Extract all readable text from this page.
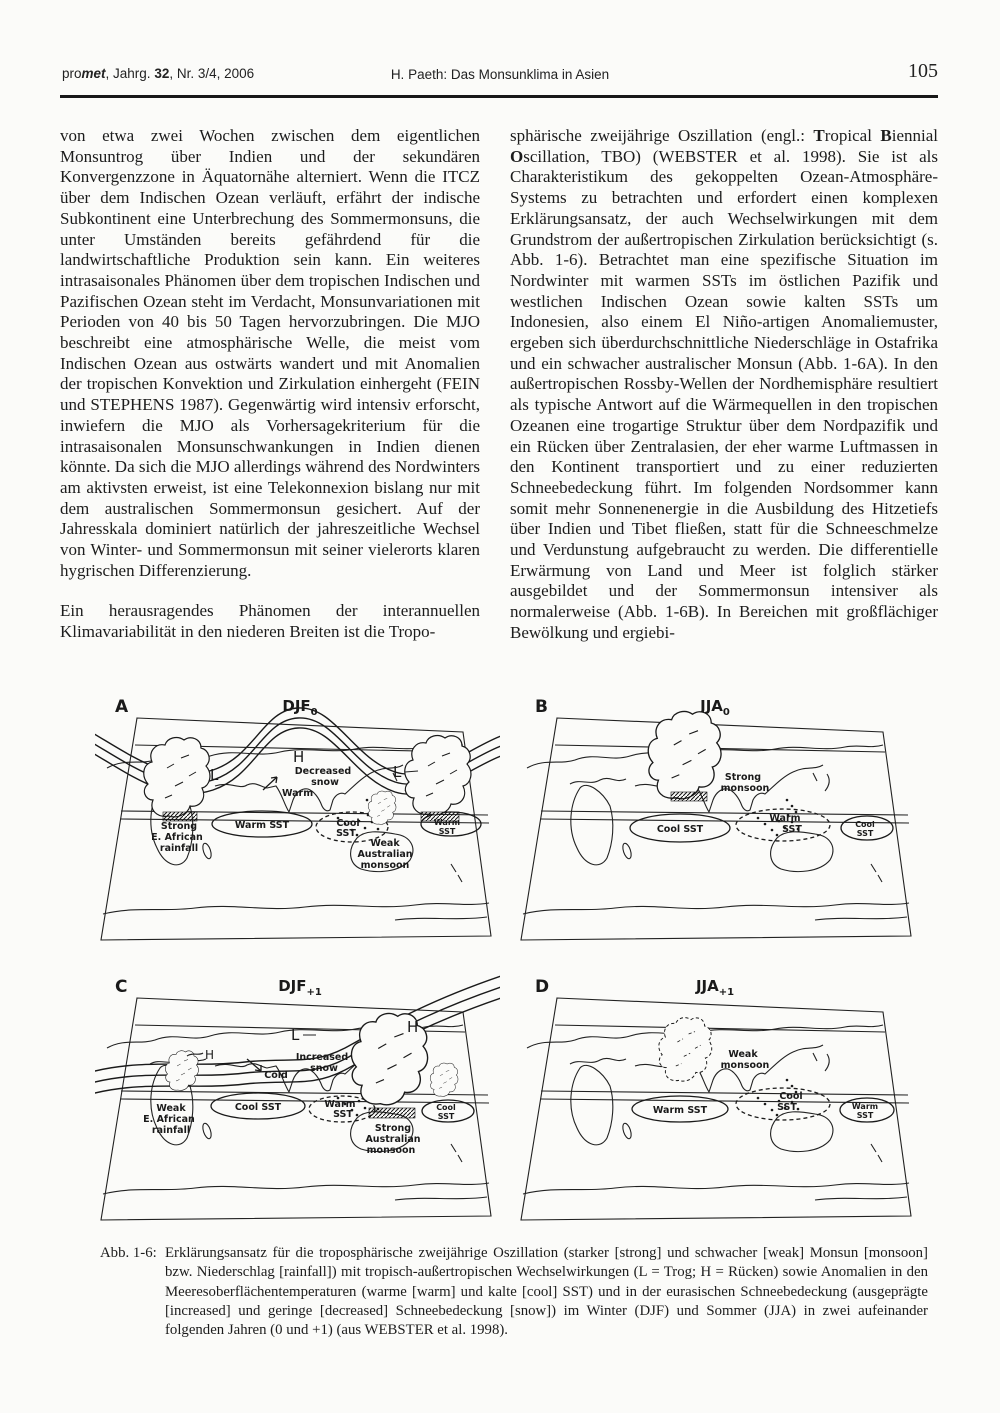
promet, Jahrg. 32, Nr. 3/4, 2006	H. Paeth: Das Monsunklima in Asien	105

von etwa zwei Wochen zwischen dem eigentlichen Monsuntrog über Indien und der sekundären Konvergenzzone in Äquatornähe alterniert. Wenn die ITCZ über dem Indischen Ozean verläuft, erfährt der indische Subkontinent eine Unterbrechung des Sommermonsuns, die unter Umständen bereits gefährdend für die landwirtschaftliche Produktion sein kann. Ein weiteres intrasaisonales Phänomen über dem tropischen Indischen und Pazifischen Ozean steht im Verdacht, Monsunvariationen mit Perioden von 40 bis 50 Tagen hervorzubringen. Die MJO beschreibt eine atmosphärische Welle, die meist vom Indischen Ozean aus ostwärts wandert und mit Anomalien der tropischen Konvektion und Zirkulation einhergeht (FEIN und STEPHENS 1987). Gegenwärtig wird intensiv erforscht, inwiefern die MJO als Vorhersagekriterium für die intrasaisonalen Monsunschwankungen in Indien dienen könnte. Da sich die MJO allerdings während des Nordwinters am aktivsten erweist, ist eine Telekonnexion bislang nur mit dem australischen Sommermonsun gesichert. Auf der Jahresskala dominiert natürlich der jahreszeitliche Wechsel von Winter- und Sommermonsun mit seiner vielerorts klaren hygrischen Differenzierung.

Ein herausragendes Phänomen der interannuellen Klimavariabilität in den niederen Breiten ist die Tropo-

sphärische zweijährige Oszillation (engl.: Tropical Biennial Oscillation, TBO) (WEBSTER et al. 1998). Sie ist als Charakteristikum des gekoppelten Ozean-Atmosphäre-Systems zu betrachten und erfordert einen komplexen Erklärungsansatz, der auch Wechselwirkungen mit dem Grundstrom der außertropischen Zirkulation berücksichtigt (s. Abb. 1-6). Betrachtet man eine spezifische Situation im Nordwinter mit warmen SSTs im östlichen Pazifik und westlichen Indischen Ozean sowie kalten SSTs um Indonesien, also einem El Niño-artigen Anomaliemuster, ergeben sich überdurchschnittliche Niederschläge in Ostafrika und ein schwacher australischer Monsun (Abb. 1-6A). In den außertropischen Rossby-Wellen der Nordhemisphäre resultiert als typische Antwort auf die Wärmequellen in den tropischen Ozeanen eine trogartige Struktur über dem Nordpazifik und ein Rücken über Zentralasien, der eher warme Luftmassen in den Kontinent transportiert und zu einer reduzierten Schneebedeckung führt. Im folgenden Nordsommer kann somit mehr Sonnenenergie in die Ausbildung des Hitzetiefs über Indien und Tibet fließen, statt für die Schneeschmelze und Verdunstung aufgebraucht zu werden. Die differentielle Erwärmung von Land und Meer ist folglich stärker ausgebildet und der Sommermonsun intensiver als normalerweise (Abb. 1-6B). In Bereichen mit großflächiger Bewölkung und ergiebi-

A	$DJF_0$
H
L	L
Decreased
snow
Warm
Strong
E. African
rainfall
Warm SST	Cool
SST
Weak
Australian
monsoon
Warm
SST
B	$JJA_0$
Strong
monsoon
Cool SST
Warm
SST	Cool
SST
C	$DJF_{+1}$
L	H
H
Cold
Increased
snow
Weak
E. African
rainfall
Cool SST	Warm
SST
Strong
Australian
monsoon
Cool
SST
D	$JJA_{+1}$
Weak
monsoon
Warm SST
Cool
SST	Warm
SST
Abb. 1-6: Erklärungsansatz für die troposphärische zweijährige Oszillation (starker [strong] und schwacher [weak] Monsun [monsoon] bzw. Niederschlag [rainfall]) mit tropisch-außertropischen Wechselwirkungen (L = Trog; H = Rücken) sowie Anomalien in den Meeresoberflächentemperaturen (warme [warm] und kalte [cool] SST) und in der eurasischen Schneebedeckung (ausgeprägte [increased] und geringe [decreased] Schneebedeckung [snow]) im Winter (DJF) und Sommer (JJA) in zwei aufeinander folgenden Jahren (0 und +1) (aus WEBSTER et al. 1998).
